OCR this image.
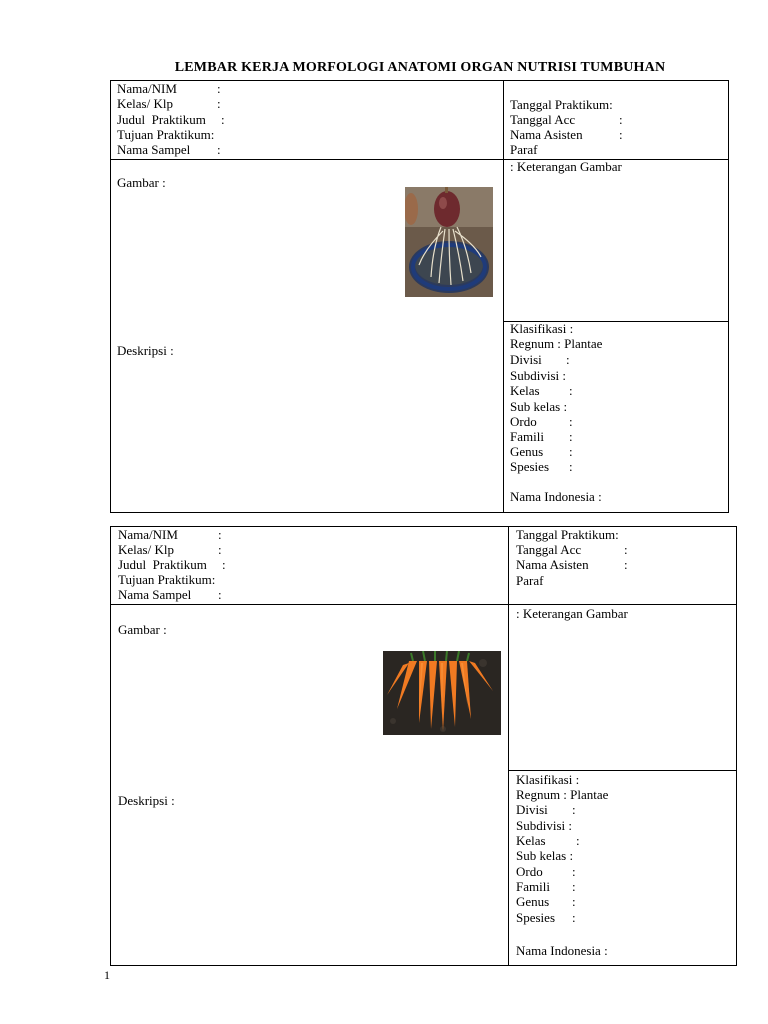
LEMBAR KERJA MORFOLOGI ANATOMI ORGAN NUTRISI TUMBUHAN
Nama/NIM	:
Kelas/ Klp	:
Judul  Praktikum :
Tujuan Praktikum:
Nama Sampel :
Tanggal Praktikum:
Tanggal Acc	:
Nama Asisten	:
Paraf
Gambar :
: Keterangan Gambar
Deskripsi :
Klasifikasi :
Regnum : Plantae
Divisi :
Subdivisi :
Kelas :
Sub kelas :
Ordo :
Famili :
Genus :
Spesies :
Nama Indonesia :
Nama/NIM	:
Kelas/ Klp	:
Judul  Praktikum :
Tujuan Praktikum:
Nama Sampel :
Tanggal Praktikum:
Tanggal Acc	:
Nama Asisten	:
Paraf
Gambar :
: Keterangan Gambar
Deskripsi :
Klasifikasi :
Regnum : Plantae
Divisi :
Subdivisi :
Kelas :
Sub kelas :
Ordo :
Famili :
Genus :
Spesies :
Nama Indonesia :
1
